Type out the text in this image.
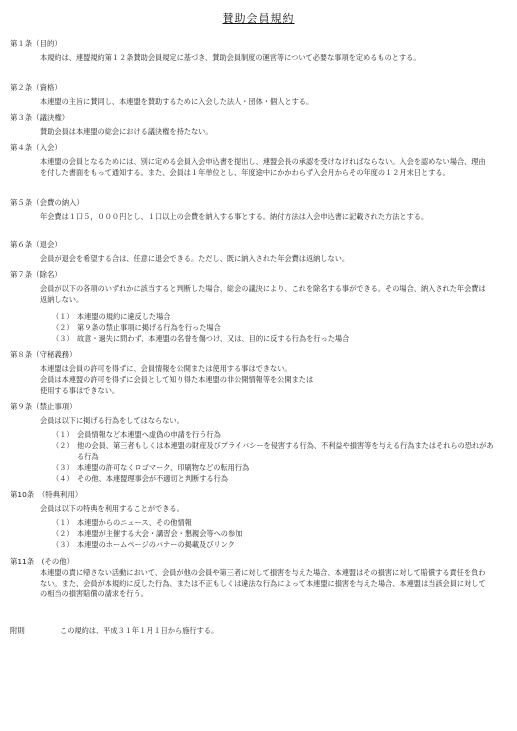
賛助会員規約
第１条（目的）
本規約は、連盟規約第１２条賛助会員規定に基づき、賛助会員制度の運営等について必要な事項を定めるものとする。
第２条（資格）
本連盟の主旨に賛同し、本連盟を賛助するために入会した法人・団体・個人とする。
第３条（議決権）
賛助会員は本連盟の総会における議決権を持たない。
第４条（入会）
本連盟の会員となるためには、別に定める会員入会申込書を提出し、連盟会長の承認を受けなければならない。入会を認めない場合、理由を付した書面をもって通知する。また、会員は１年単位とし、年度途中にかかわらず入会月からその年度の１２月末日とする。
第５条（会費の納入）
年会費は１口５，０００円とし、１口以上の会費を納入する事とする。納付方法は入会申込書に記載された方法とする。
第６条（退会）
会員が退会を希望する合は、任意に退会できる。ただし、既に納入された年会費は返納しない。
第７条（除名）
会員が以下の各項のいずれかに該当すると判断した場合、総会の議決により、これを除名する事ができる。その場合、納入された年会費は返納しない。
（１） 本連盟の規約に違反した場合
（２） 第９条の禁止事項に掲げる行為を行った場合
（３） 故意・過失に問わず、本連盟の名誉を傷つけ、又は、目的に反する行為を行った場合
第８条（守秘義務）
本連盟は会員の許可を得ずに、会員情報を公開または使用する事はできない。
会員は本連盟の許可を得ずに会員として知り得た本連盟の非公開情報等を公開または
使用する事はできない。
第９条（禁止事項）
会員は以下に掲げる行為をしてはならない。
（１） 会員情報など本連盟へ虚偽の申請を行う行為
（２） 他の会員、第三者もしくは本連盟の財産及びプライバシーを侵害する行為、不利益や損害等を与える行為またはそれらの恐れがある行為
（３） 本連盟の許可なくロゴマーク、印刷物などの転用行為
（４） その他、本連盟理事会が不適切と判断する行為
第10条　（特典利用）
会員は以下の特典を利用することができる。
（１） 本連盟からのニュース、その他情報
（２） 本連盟が主催する大会・講習会・懇親会等への参加
（３） 本連盟のホームページのバナーの掲載及びリンク
第11条　(その他）
本連盟の責に帰さない活動において、会員が他の会員や第三者に対して損害を与えた場合、本連盟はその損害に対して賠償する責任を負わない。また、会員が本規約に反した行為、または不正もしくは違法な行為によって本連盟に損害を与えた場合、本連盟は当該会員に対しての相当の損害賠償の請求を行う。
附則	この規約は、平成３１年１月１日から施行する。
